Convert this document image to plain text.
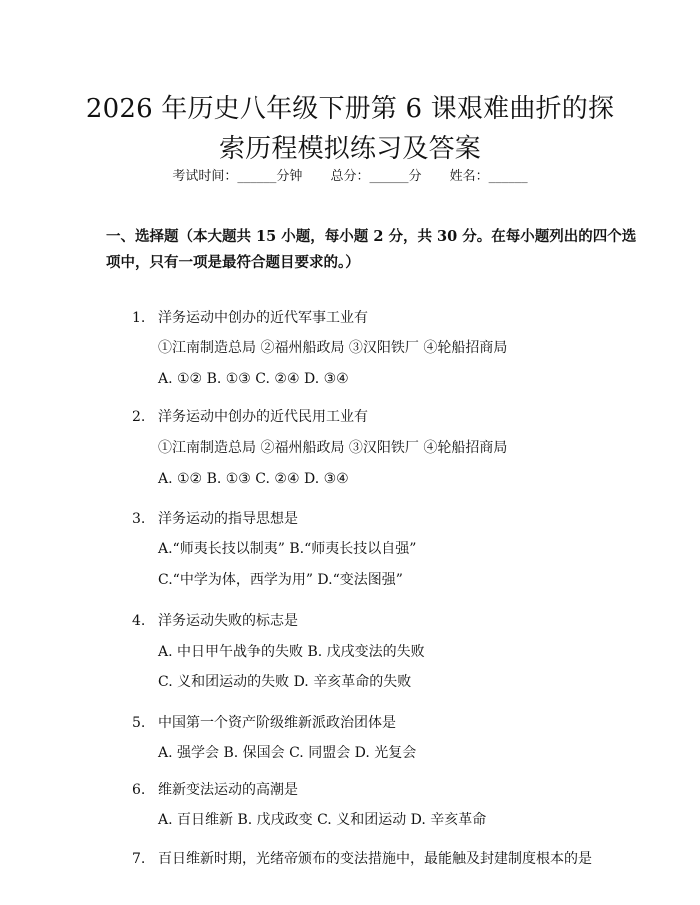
2026 年历史八年级下册第 6 课艰难曲折的探
索历程模拟练习及答案
考试时间：______分钟 总分：______分 姓名：______
一、选择题（本大题共 15 小题，每小题 2 分，共 30 分。在每小题列出的四个选项中，只有一项是最符合题目要求的。）
1. 洋务运动中创办的近代军事工业有
①江南制造总局 ②福州船政局 ③汉阳铁厂 ④轮船招商局
A. ①② B. ①③ C. ②④ D. ③④
2. 洋务运动中创办的近代民用工业有
①江南制造总局 ②福州船政局 ③汉阳铁厂 ④轮船招商局
A. ①② B. ①③ C. ②④ D. ③④
3. 洋务运动的指导思想是
A.“师夷长技以制夷” B.“师夷长技以自强”
C.“中学为体，西学为用” D.“变法图强”
4. 洋务运动失败的标志是
A. 中日甲午战争的失败 B. 戊戌变法的失败
C. 义和团运动的失败 D. 辛亥革命的失败
5. 中国第一个资产阶级维新派政治团体是
A. 强学会 B. 保国会 C. 同盟会 D. 光复会
6. 维新变法运动的高潮是
A. 百日维新 B. 戊戌政变 C. 义和团运动 D. 辛亥革命
7. 百日维新时期，光绪帝颁布的变法措施中，最能触及封建制度根本的是
